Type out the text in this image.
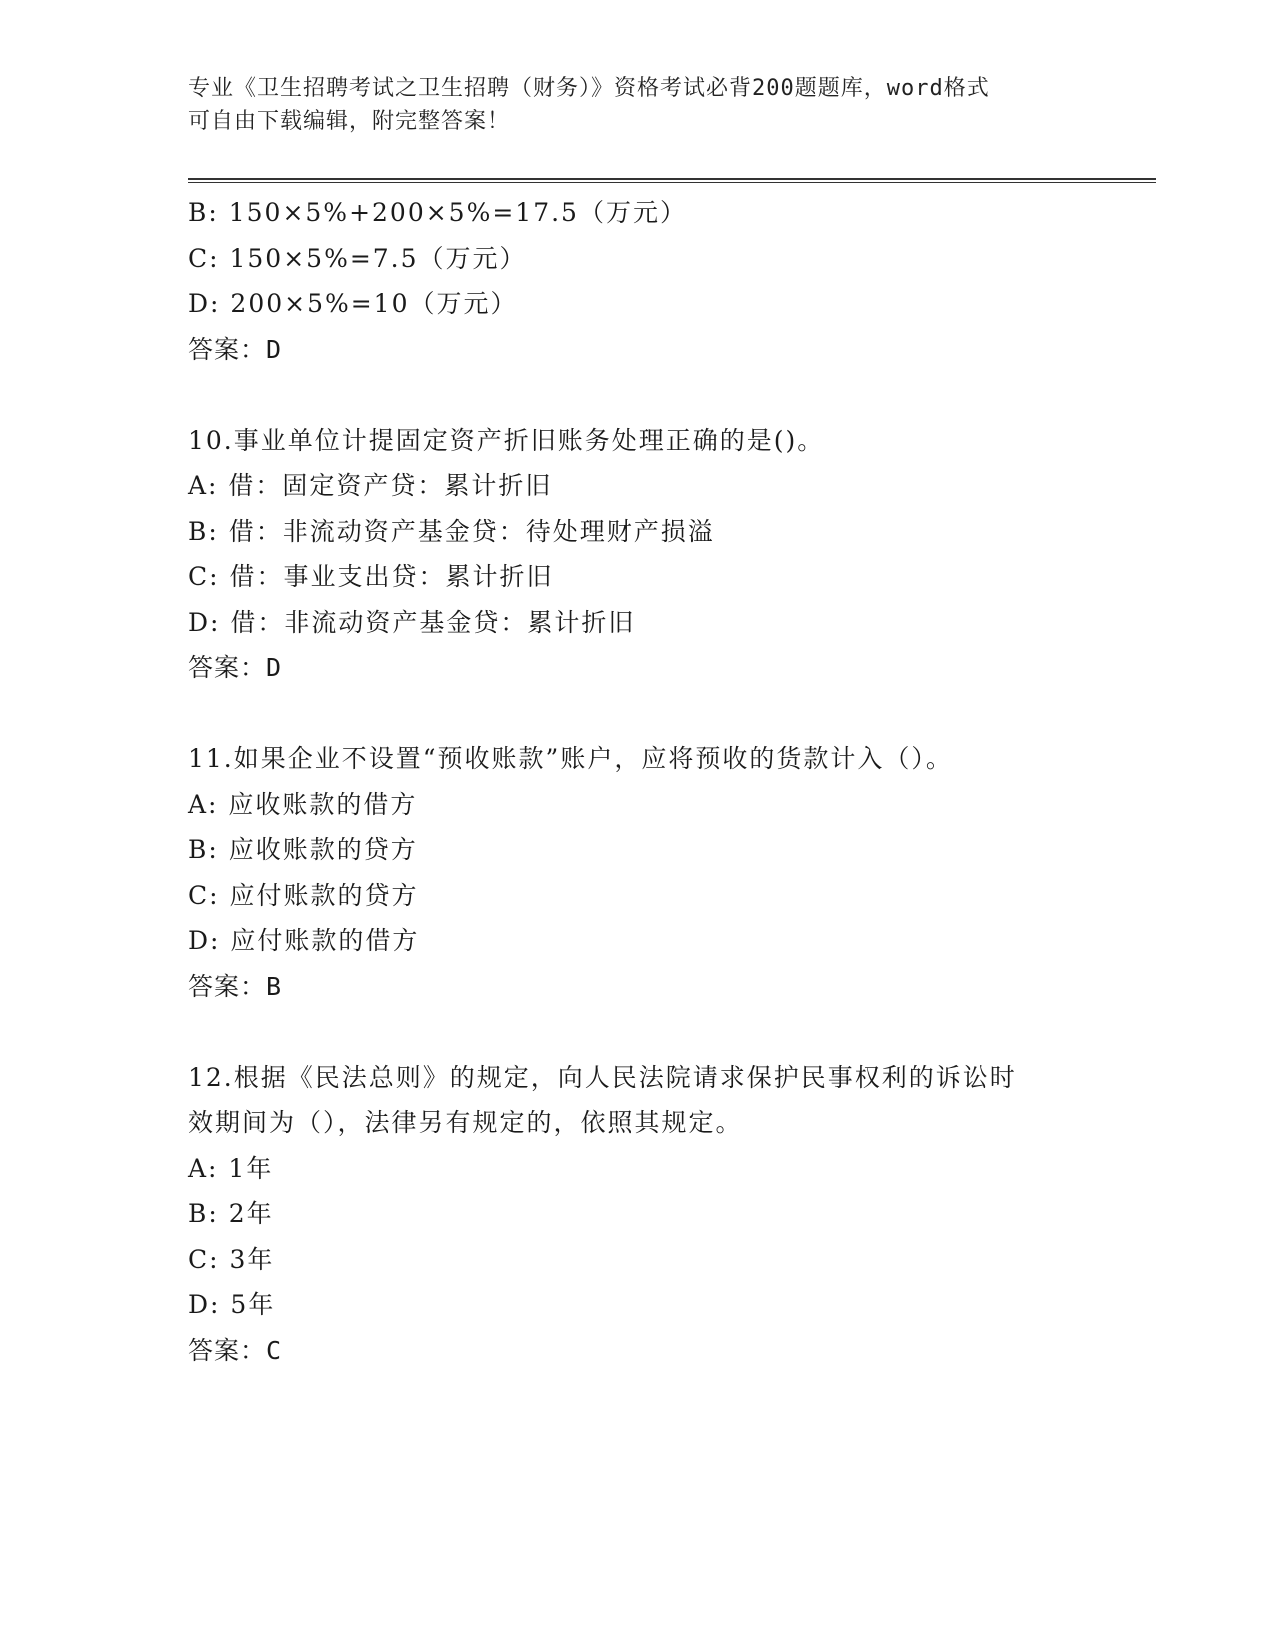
专业《卫生招聘考试之卫生招聘（财务）》资格考试必背200题题库，word格式
可自由下载编辑，附完整答案！
B: 150×5%+200×5%=17.5（万元）
C: 150×5%=7.5（万元）
D: 200×5%=10（万元）
答案：D
10.事业单位计提固定资产折旧账务处理正确的是()。
A: 借：固定资产贷：累计折旧
B: 借：非流动资产基金贷：待处理财产损溢
C: 借：事业支出贷：累计折旧
D: 借：非流动资产基金贷：累计折旧
答案：D
11.如果企业不设置“预收账款”账户，应将预收的货款计入（）。
A: 应收账款的借方
B: 应收账款的贷方
C: 应付账款的贷方
D: 应付账款的借方
答案：B
12.根据《民法总则》的规定，向人民法院请求保护民事权利的诉讼时
效期间为（），法律另有规定的，依照其规定。
A: 1年
B: 2年
C: 3年
D: 5年
答案：C
